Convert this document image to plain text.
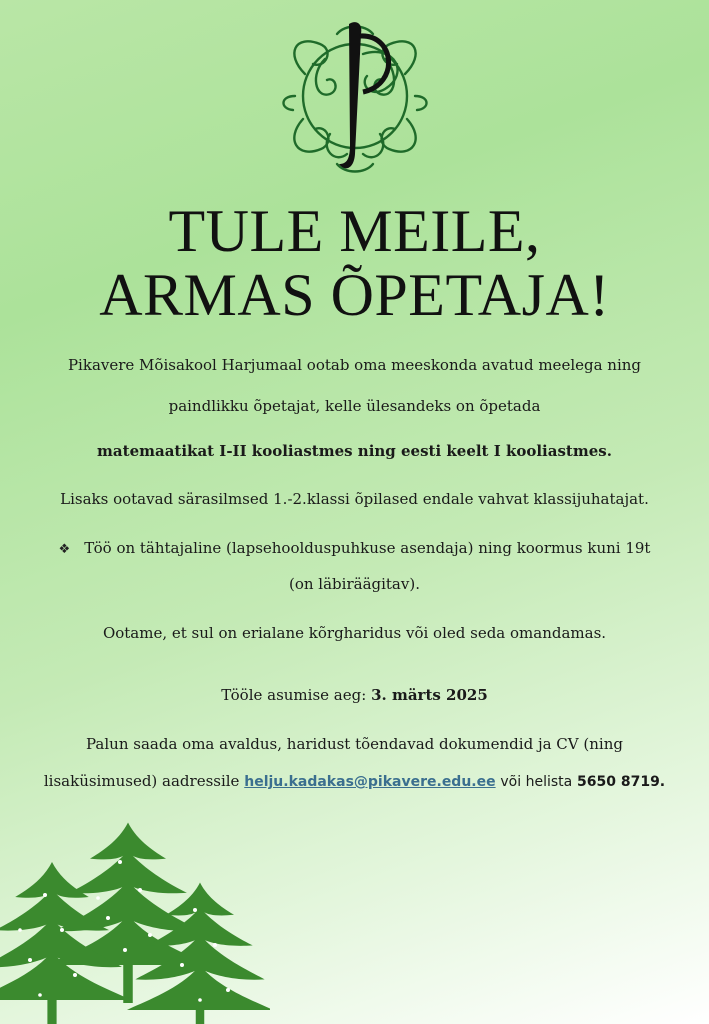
TULE MEILE,
ARMAS ÕPETAJA!

Pikavere Mõisakool Harjumaal ootab oma meeskonda avatud meelega ning

paindlikku õpetajat, kelle ülesandeks on õpetada

matemaatikat I-II kooliastmes ning eesti keelt I kooliastmes.

Lisaks ootavad särasilmsed 1.-2.klassi õpilased endale vahvat klassijuhatajat.

❖ Töö on tähtajaline (lapsehoolduspuhkuse asendaja) ning koormus kuni 19t

(on läbiräägitav).

Ootame, et sul on erialane kõrgharidus või oled seda omandamas.

Tööle asumise aeg: 3. märts 2025

Palun saada oma avaldus, haridust tõendavad dokumendid ja CV (ning

lisaküsimused) aadressile helju.kadakas@pikavere.edu.ee või helista 5650 8719.
